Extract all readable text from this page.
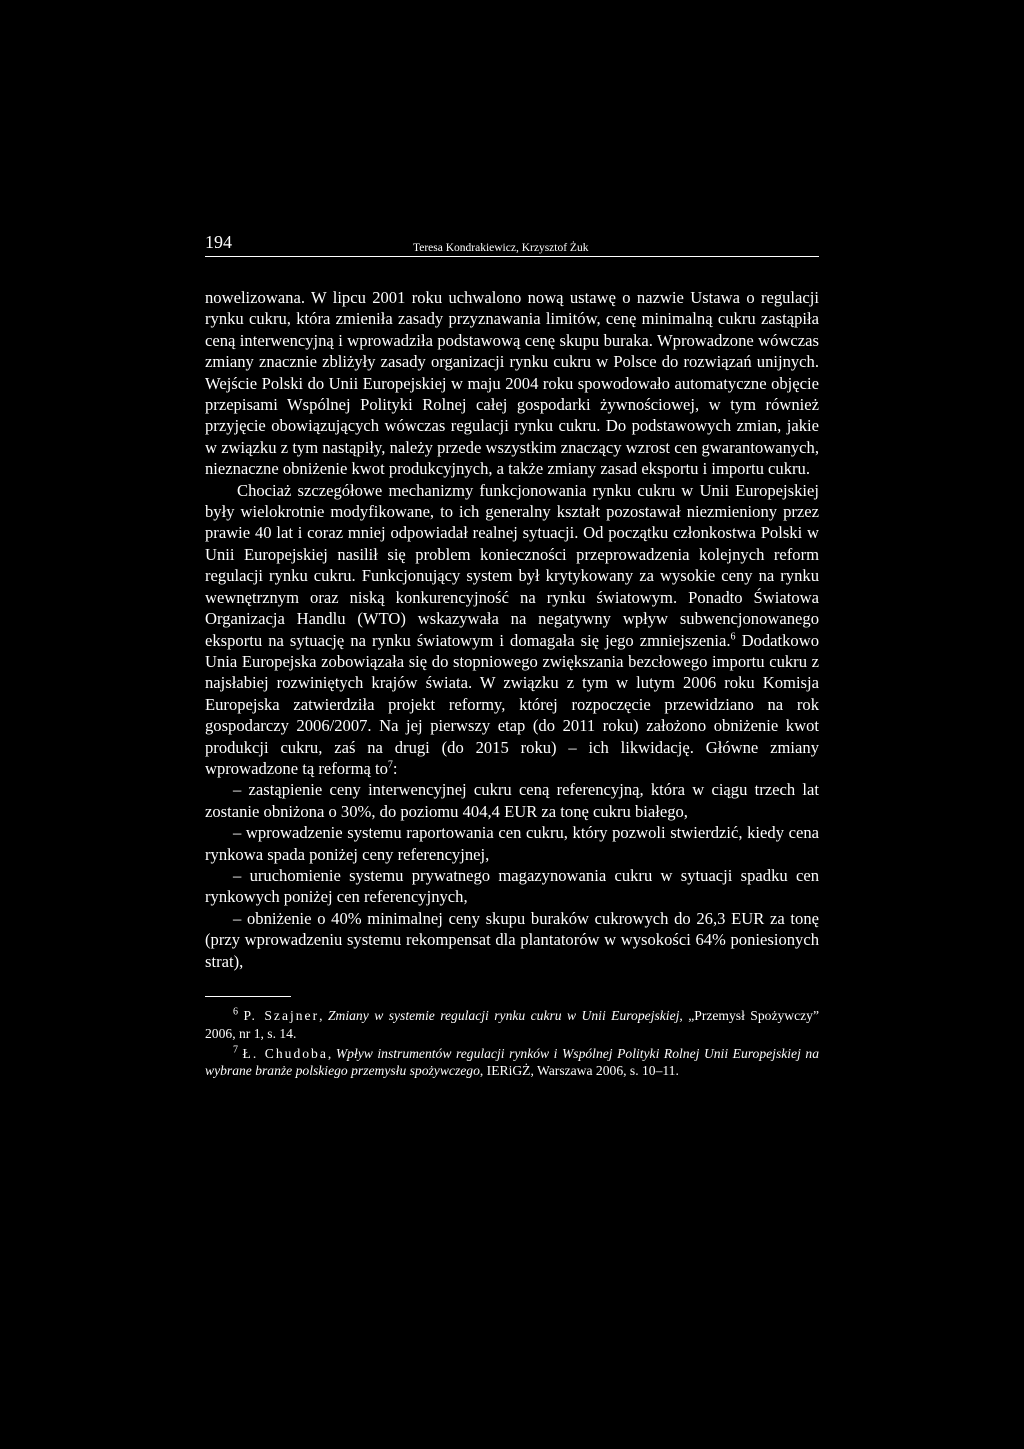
194	Teresa Kondrakiewicz, Krzysztof Żuk

nowelizowana. W lipcu 2001 roku uchwalono nową ustawę o nazwie Ustawa o regulacji rynku cukru, która zmieniła zasady przyznawania limitów, cenę minimalną cukru zastąpiła ceną interwencyjną i wprowadziła podstawową cenę skupu buraka. Wprowadzone wówczas zmiany znacznie zbliżyły zasady organizacji rynku cukru w Polsce do rozwiązań unijnych. Wejście Polski do Unii Europejskiej w maju 2004 roku spowodowało automatyczne objęcie przepisami Wspólnej Polityki Rolnej całej gospodarki żywnościowej, w tym również przyjęcie obowiązujących wówczas regulacji rynku cukru. Do podstawowych zmian, jakie w związku z tym nastąpiły, należy przede wszystkim znaczący wzrost cen gwarantowanych, nieznaczne obniżenie kwot produkcyjnych, a także zmiany zasad eksportu i importu cukru.

Chociaż szczegółowe mechanizmy funkcjonowania rynku cukru w Unii Europejskiej były wielokrotnie modyfikowane, to ich generalny kształt pozostawał niezmieniony przez prawie 40 lat i coraz mniej odpowiadał realnej sytuacji. Od początku członkostwa Polski w Unii Europejskiej nasilił się problem konieczności przeprowadzenia kolejnych reform regulacji rynku cukru. Funkcjonujący system był krytykowany za wysokie ceny na rynku wewnętrznym oraz niską konkurencyjność na rynku światowym. Ponadto Światowa Organizacja Handlu (WTO) wskazywała na negatywny wpływ subwencjonowanego eksportu na sytuację na rynku światowym i domagała się jego zmniejszenia.$^6$ Dodatkowo Unia Europejska zobowiązała się do stopniowego zwiększania bezcłowego importu cukru z najsłabiej rozwiniętych krajów świata. W związku z tym w lutym 2006 roku Komisja Europejska zatwierdziła projekt reformy, której rozpoczęcie przewidziano na rok gospodarczy 2006/2007. Na jej pierwszy etap (do 2011 roku) założono obniżenie kwot produkcji cukru, zaś na drugi (do 2015 roku) – ich likwidację. Główne zmiany wprowadzone tą reformą $to^7$:

– zastąpienie ceny interwencyjnej cukru ceną referencyjną, która w ciągu trzech lat zostanie obniżona o 30%, do poziomu 404,4 EUR za tonę cukru białego,

– wprowadzenie systemu raportowania cen cukru, który pozwoli stwierdzić, kiedy cena rynkowa spada poniżej ceny referencyjnej,

– uruchomienie systemu prywatnego magazynowania cukru w sytuacji spadku cen rynkowych poniżej cen referencyjnych,

– obniżenie o 40% minimalnej ceny skupu buraków cukrowych do 26,3 EUR za tonę (przy wprowadzeniu systemu rekompensat dla plantatorów w wysokości 64% poniesionych strat),

$^6$ P. Szajner, Zmiany w systemie regulacji rynku cukru w Unii Europejskiej, „Przemysł Spożywczy” 2006, nr 1, s. 14.

$^7$ Ł. Chudoba, Wpływ instrumentów regulacji rynków i Wspólnej Polityki Rolnej Unii Europejskiej na wybrane branże polskiego przemysłu spożywczego, IERiGŻ, Warszawa 2006, s. 10–11.
